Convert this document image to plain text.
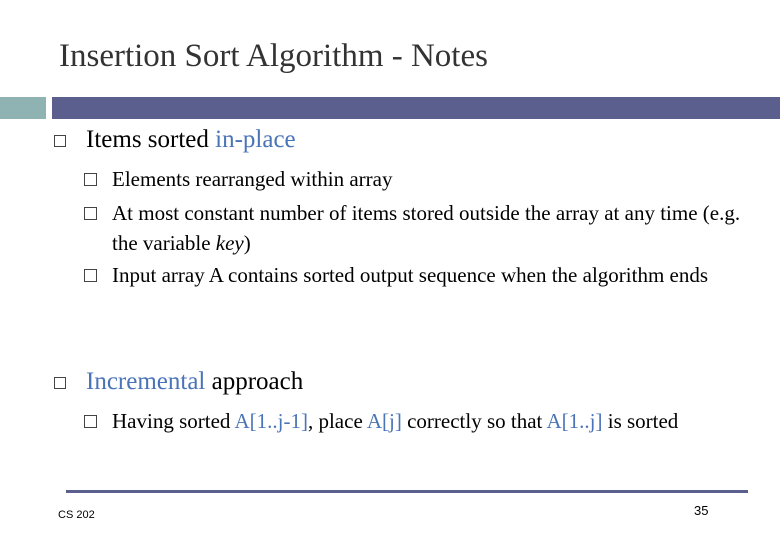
Insertion Sort Algorithm - Notes
Items sorted in-place
Elements rearranged within array
At most constant number of items stored outside the array at any time (e.g. the variable key)
Input array A contains sorted output sequence when the algorithm ends
Incremental approach
Having sorted A[1..j-1], place A[j] correctly so that A[1..j] is sorted
CS 202	35
